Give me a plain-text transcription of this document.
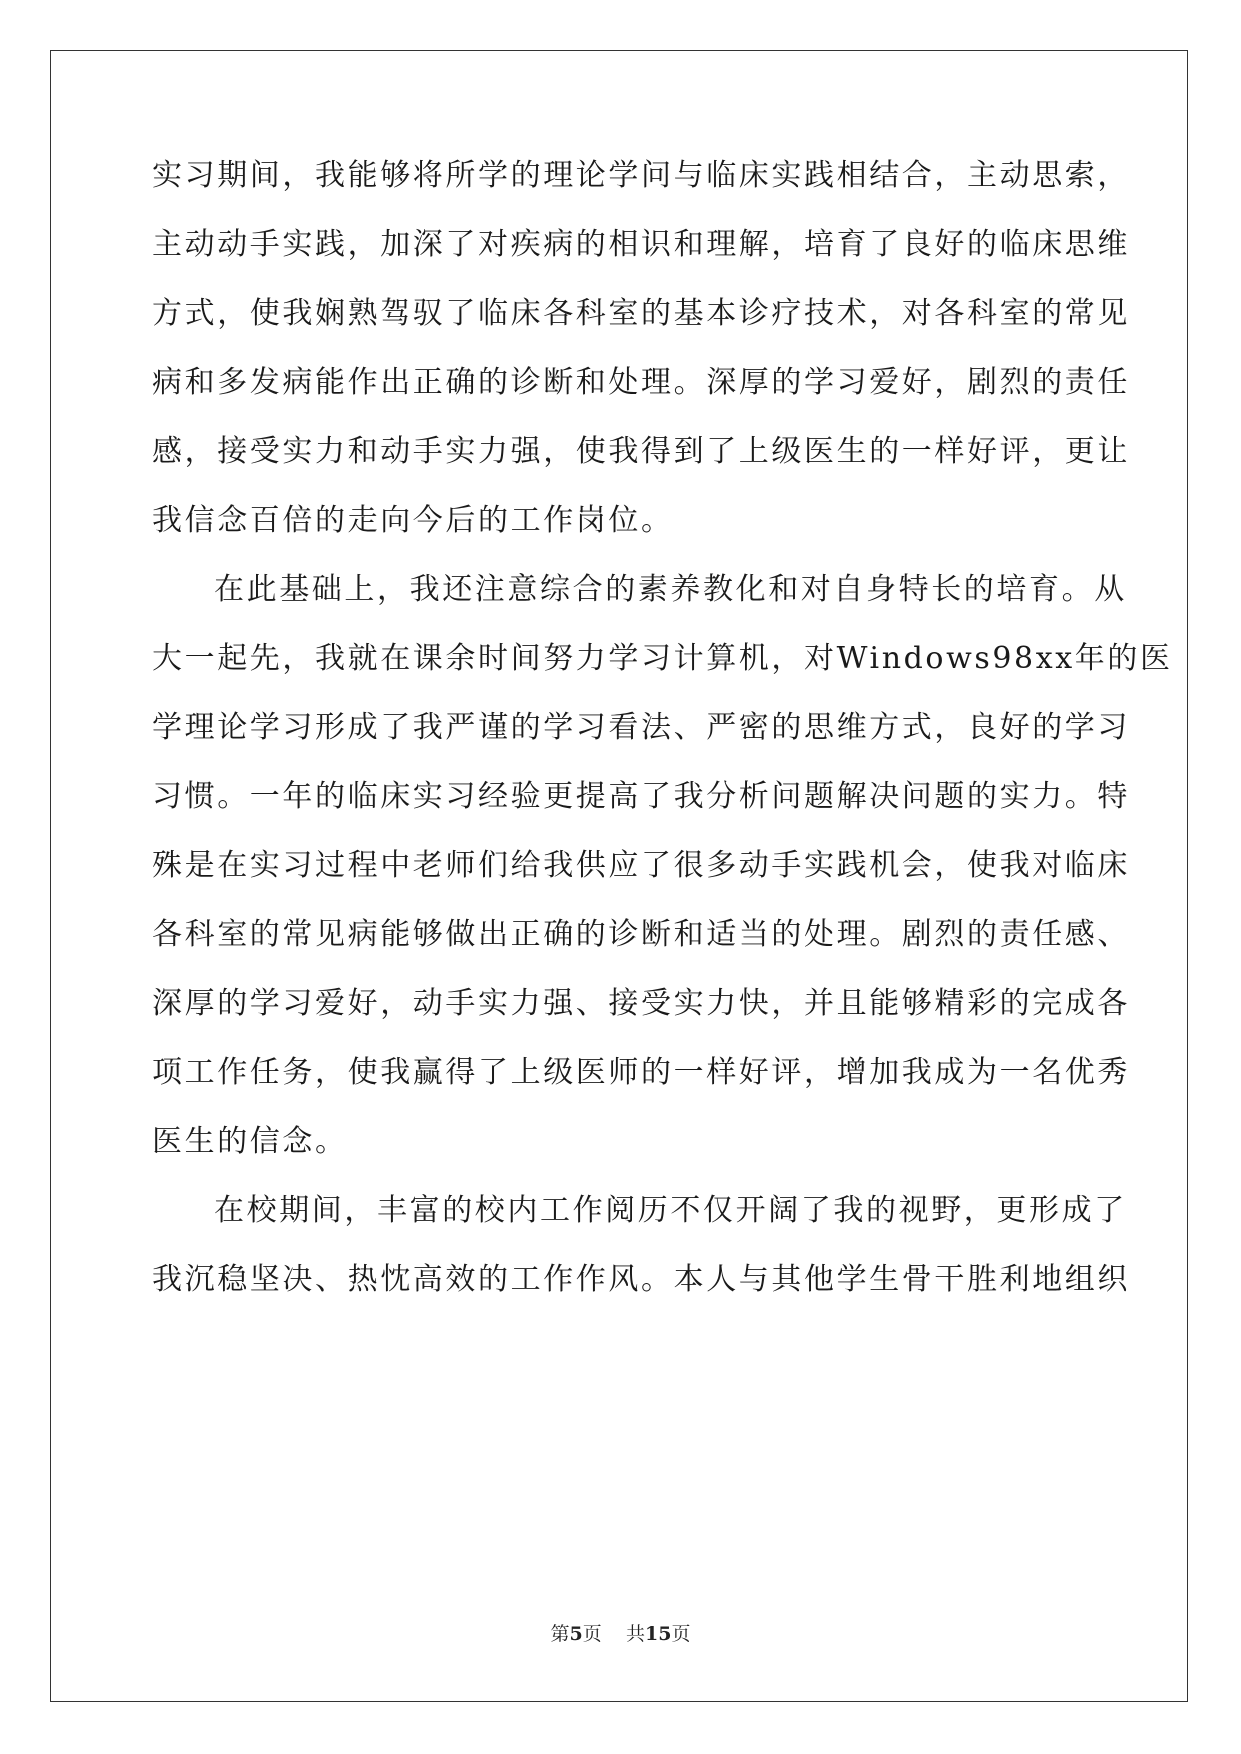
实习期间，我能够将所学的理论学问与临床实践相结合，主动思索，
主动动手实践，加深了对疾病的相识和理解，培育了良好的临床思维
方式，使我娴熟驾驭了临床各科室的基本诊疗技术，对各科室的常见
病和多发病能作出正确的诊断和处理。深厚的学习爱好，剧烈的责任
感，接受实力和动手实力强，使我得到了上级医生的一样好评，更让
我信念百倍的走向今后的工作岗位。
在此基础上，我还注意综合的素养教化和对自身特长的培育。从
大一起先，我就在课余时间努力学习计算机，对Windows98xx年的医
学理论学习形成了我严谨的学习看法、严密的思维方式，良好的学习
习惯。一年的临床实习经验更提高了我分析问题解决问题的实力。特
殊是在实习过程中老师们给我供应了很多动手实践机会，使我对临床
各科室的常见病能够做出正确的诊断和适当的处理。剧烈的责任感、
深厚的学习爱好，动手实力强、接受实力快，并且能够精彩的完成各
项工作任务，使我赢得了上级医师的一样好评，增加我成为一名优秀
医生的信念。
在校期间，丰富的校内工作阅历不仅开阔了我的视野，更形成了
我沉稳坚决、热忱高效的工作作风。本人与其他学生骨干胜利地组织
第5页 共15页
